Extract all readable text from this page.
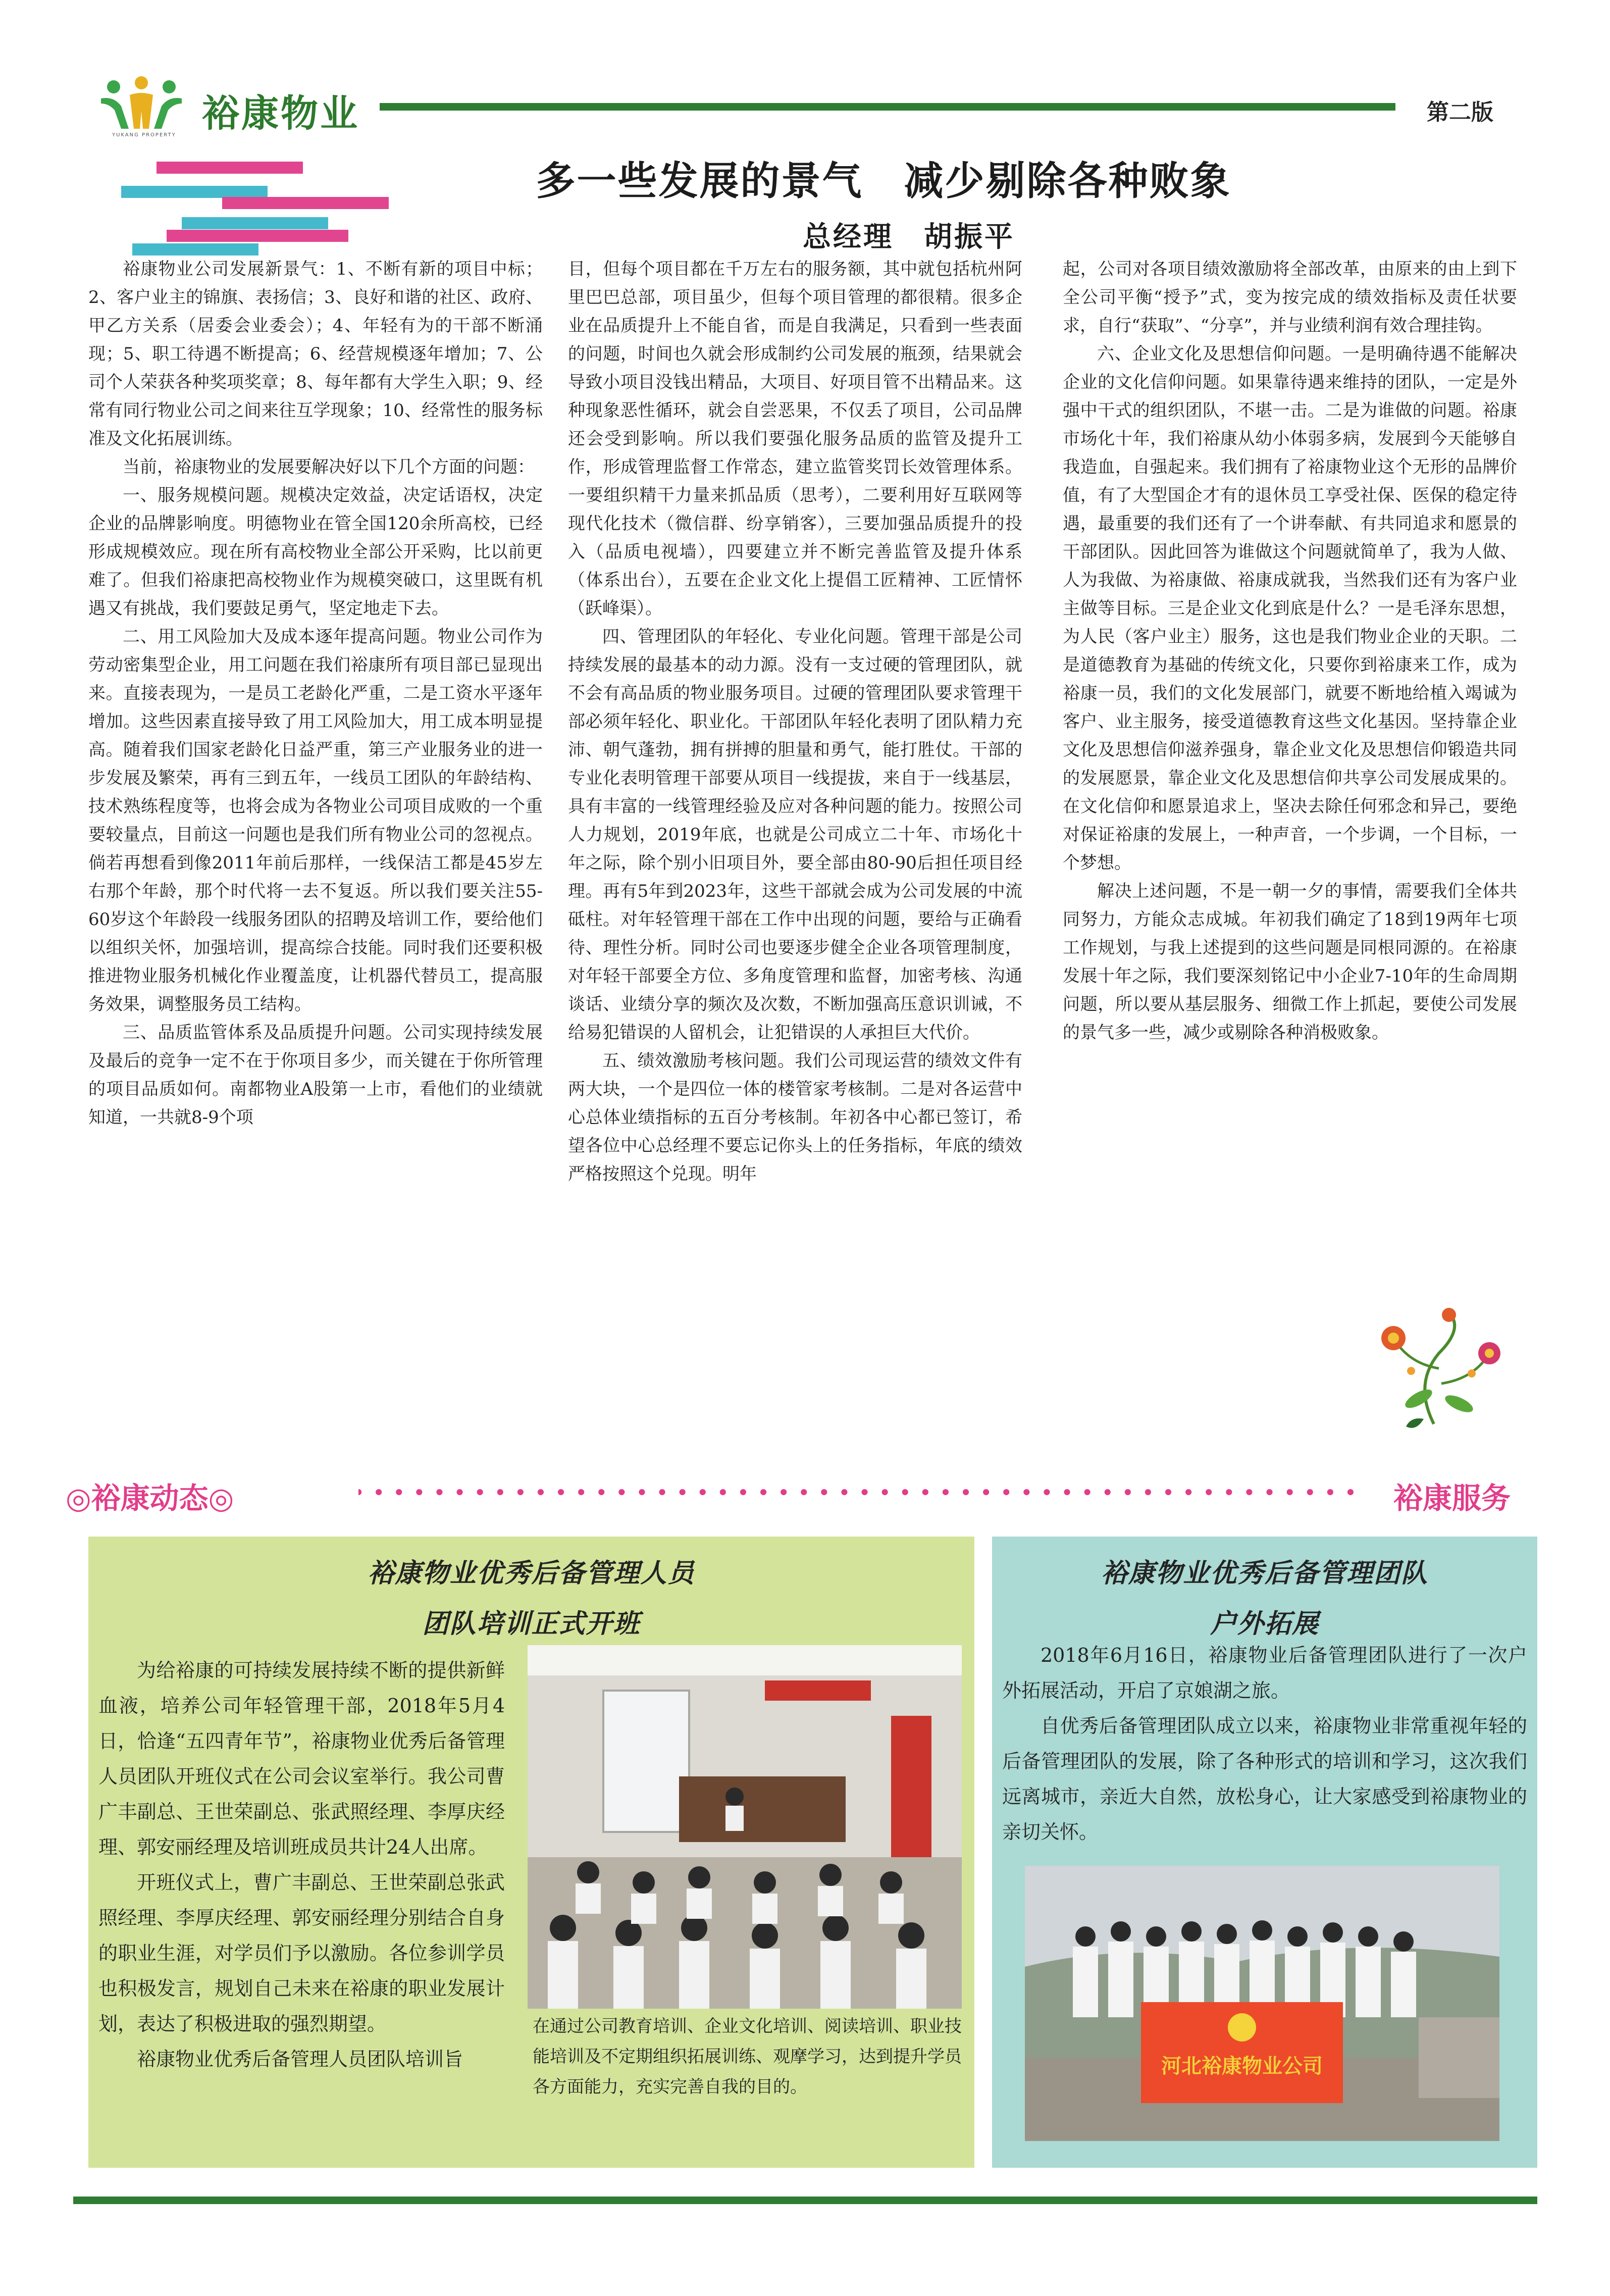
YUKANG PROPERTY 裕康物业	第二版
多一些发展的景气　减少剔除各种败象
总经理　胡振平

裕康物业公司发展新景气：1、不断有新的项目中标；2、客户业主的锦旗、表扬信；3、良好和谐的社区、政府、甲乙方关系（居委会业委会）；4、年轻有为的干部不断涌现；5、职工待遇不断提高；6、经营规模逐年增加；7、公司个人荣获各种奖项奖章；8、每年都有大学生入职；9、经常有同行物业公司之间来往互学现象；10、经常性的服务标准及文化拓展训练。

当前，裕康物业的发展要解决好以下几个方面的问题：

一、服务规模问题。规模决定效益，决定话语权，决定企业的品牌影响度。明德物业在管全国120余所高校，已经形成规模效应。现在所有高校物业全部公开采购，比以前更难了。但我们裕康把高校物业作为规模突破口，这里既有机遇又有挑战，我们要鼓足勇气，坚定地走下去。

二、用工风险加大及成本逐年提高问题。物业公司作为劳动密集型企业，用工问题在我们裕康所有项目部已显现出来。直接表现为，一是员工老龄化严重，二是工资水平逐年增加。这些因素直接导致了用工风险加大，用工成本明显提高。随着我们国家老龄化日益严重，第三产业服务业的进一步发展及繁荣，再有三到五年，一线员工团队的年龄结构、技术熟练程度等，也将会成为各物业公司项目成败的一个重要较量点，目前这一问题也是我们所有物业公司的忽视点。倘若再想看到像2011年前后那样，一线保洁工都是45岁左右那个年龄，那个时代将一去不复返。所以我们要关注55-60岁这个年龄段一线服务团队的招聘及培训工作，要给他们以组织关怀，加强培训，提高综合技能。同时我们还要积极推进物业服务机械化作业覆盖度，让机器代替员工，提高服务效果，调整服务员工结构。

三、品质监管体系及品质提升问题。公司实现持续发展及最后的竞争一定不在于你项目多少，而关键在于你所管理的项目品质如何。南都物业A股第一上市，看他们的业绩就知道，一共就8-9个项

目，但每个项目都在千万左右的服务额，其中就包括杭州阿里巴巴总部，项目虽少，但每个项目管理的都很精。很多企业在品质提升上不能自省，而是自我满足，只看到一些表面的问题，时间也久就会形成制约公司发展的瓶颈，结果就会导致小项目没钱出精品，大项目、好项目管不出精品来。这种现象恶性循环，就会自尝恶果，不仅丢了项目，公司品牌还会受到影响。所以我们要强化服务品质的监管及提升工作，形成管理监督工作常态，建立监管奖罚长效管理体系。一要组织精干力量来抓品质（思考），二要利用好互联网等现代化技术（微信群、纷享销客），三要加强品质提升的投入（品质电视墙），四要建立并不断完善监管及提升体系（体系出台），五要在企业文化上提倡工匠精神、工匠情怀（跃峰渠）。

四、管理团队的年轻化、专业化问题。管理干部是公司持续发展的最基本的动力源。没有一支过硬的管理团队，就不会有高品质的物业服务项目。过硬的管理团队要求管理干部必须年轻化、职业化。干部团队年轻化表明了团队精力充沛、朝气蓬勃，拥有拼搏的胆量和勇气，能打胜仗。干部的专业化表明管理干部要从项目一线提拔，来自于一线基层，具有丰富的一线管理经验及应对各种问题的能力。按照公司人力规划，2019年底，也就是公司成立二十年、市场化十年之际，除个别小旧项目外，要全部由80-90后担任项目经理。再有5年到2023年，这些干部就会成为公司发展的中流砥柱。对年轻管理干部在工作中出现的问题，要给与正确看待、理性分析。同时公司也要逐步健全企业各项管理制度，对年轻干部要全方位、多角度管理和监督，加密考核、沟通谈话、业绩分享的频次及次数，不断加强高压意识训诫，不给易犯错误的人留机会，让犯错误的人承担巨大代价。

五、绩效激励考核问题。我们公司现运营的绩效文件有两大块，一个是四位一体的楼管家考核制。二是对各运营中心总体业绩指标的五百分考核制。年初各中心都已签订，希望各位中心总经理不要忘记你头上的任务指标，年底的绩效严格按照这个兑现。明年

起，公司对各项目绩效激励将全部改革，由原来的由上到下全公司平衡“授予”式，变为按完成的绩效指标及责任状要求，自行“获取”、“分享”，并与业绩利润有效合理挂钩。

六、企业文化及思想信仰问题。一是明确待遇不能解决企业的文化信仰问题。如果靠待遇来维持的团队，一定是外强中干式的组织团队，不堪一击。二是为谁做的问题。裕康市场化十年，我们裕康从幼小体弱多病，发展到今天能够自我造血，自强起来。我们拥有了裕康物业这个无形的品牌价值，有了大型国企才有的退休员工享受社保、医保的稳定待遇，最重要的我们还有了一个讲奉献、有共同追求和愿景的干部团队。因此回答为谁做这个问题就简单了，我为人做、人为我做、为裕康做、裕康成就我，当然我们还有为客户业主做等目标。三是企业文化到底是什么？一是毛泽东思想，为人民（客户业主）服务，这也是我们物业企业的天职。二是道德教育为基础的传统文化，只要你到裕康来工作，成为裕康一员，我们的文化发展部门，就要不断地给植入竭诚为客户、业主服务，接受道德教育这些文化基因。坚持靠企业文化及思想信仰滋养强身，靠企业文化及思想信仰锻造共同的发展愿景，靠企业文化及思想信仰共享公司发展成果的。在文化信仰和愿景追求上，坚决去除任何邪念和异己，要绝对保证裕康的发展上，一种声音，一个步调，一个目标，一个梦想。

解决上述问题，不是一朝一夕的事情，需要我们全体共同努力，方能众志成城。年初我们确定了18到19两年七项工作规划，与我上述提到的这些问题是同根同源的。在裕康发展十年之际，我们要深刻铭记中小企业7-10年的生命周期问题，所以要从基层服务、细微工作上抓起，要使公司发展的景气多一些，减少或剔除各种消极败象。

◎裕康动态◎	裕康服务
裕康物业优秀后备管理人员
团队培训正式开班

为给裕康的可持续发展持续不断的提供新鲜血液，培养公司年轻管理干部，2018年5月4日，恰逢“五四青年节”，裕康物业优秀后备管理人员团队开班仪式在公司会议室举行。我公司曹广丰副总、王世荣副总、张武照经理、李厚庆经理、郭安丽经理及培训班成员共计24人出席。

开班仪式上，曹广丰副总、王世荣副总张武照经理、李厚庆经理、郭安丽经理分别结合自身的职业生涯，对学员们予以激励。各位参训学员也积极发言，规划自己未来在裕康的职业发展计划，表达了积极进取的强烈期望。

裕康物业优秀后备管理人员团队培训旨

在通过公司教育培训、企业文化培训、阅读培训、职业技能培训及不定期组织拓展训练、观摩学习，达到提升学员各方面能力，充实完善自我的目的。

裕康物业优秀后备管理团队
户外拓展

2018年6月16日，裕康物业后备管理团队进行了一次户外拓展活动，开启了京娘湖之旅。

自优秀后备管理团队成立以来，裕康物业非常重视年轻的后备管理团队的发展，除了各种形式的培训和学习，这次我们远离城市，亲近大自然，放松身心，让大家感受到裕康物业的亲切关怀。

河北裕康物业公司
